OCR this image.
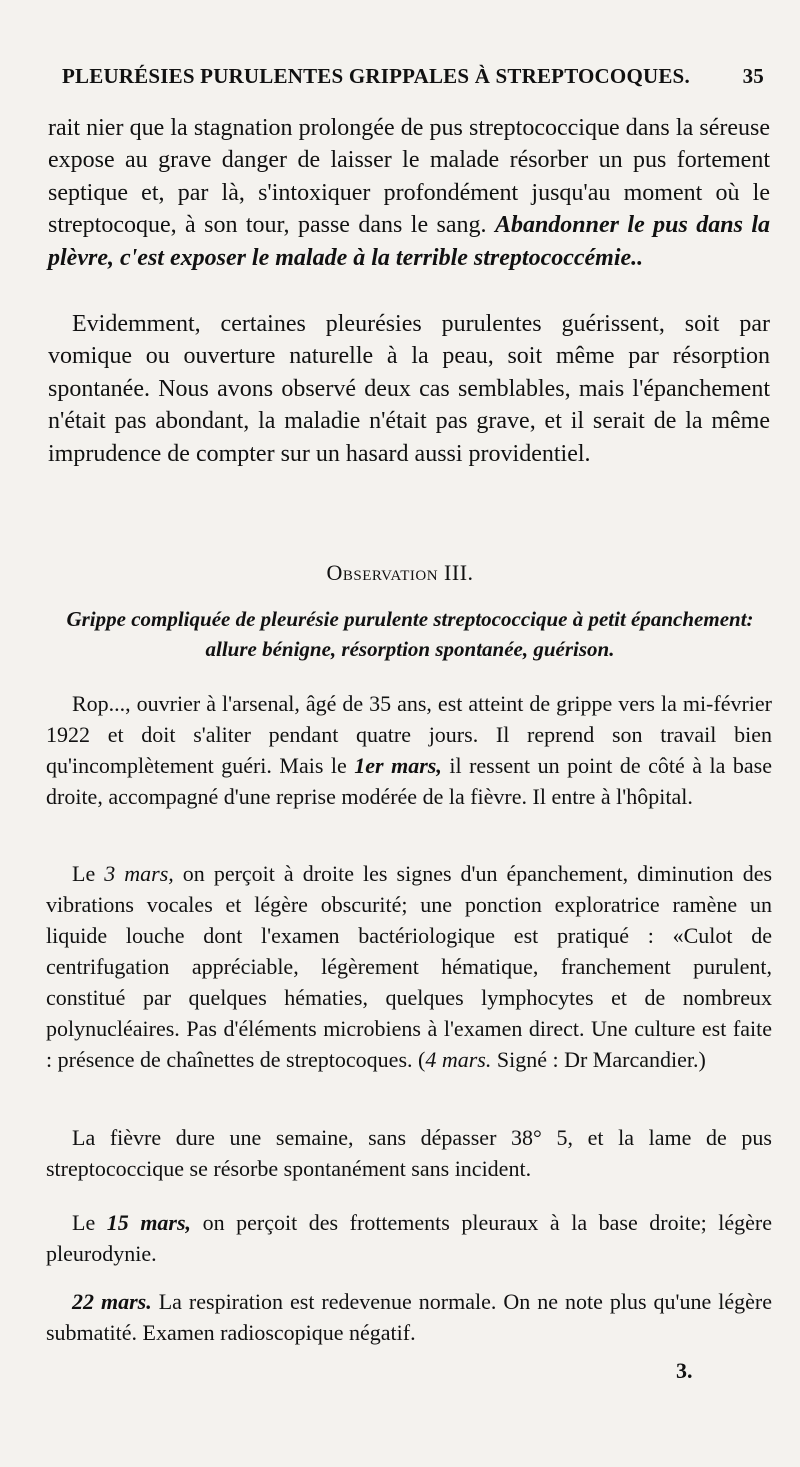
PLEURÉSIES PURULENTES GRIPPALES À STREPTOCOQUES.	35

rait nier que la stagnation prolongée de pus streptococcique dans la séreuse expose au grave danger de laisser le malade résorber un pus fortement septique et, par là, s'intoxiquer profondément jusqu'au moment où le streptocoque, à son tour, passe dans le sang. Abandonner le pus dans la plèvre, c'est exposer le malade à la terrible streptococcémie..

Evidemment, certaines pleurésies purulentes guérissent, soit par vomique ou ouverture naturelle à la peau, soit même par résorption spontanée. Nous avons observé deux cas semblables, mais l'épanchement n'était pas abondant, la maladie n'était pas grave, et il serait de la même imprudence de compter sur un hasard aussi providentiel.

Observation III.
Grippe compliquée de pleurésie purulente streptococcique à petit épanchement: allure bénigne, résorption spontanée, guérison.

Rop..., ouvrier à l'arsenal, âgé de 35 ans, est atteint de grippe vers la mi-février 1922 et doit s'aliter pendant quatre jours. Il reprend son travail bien qu'incomplètement guéri. Mais le 1er mars, il ressent un point de côté à la base droite, accompagné d'une reprise modérée de la fièvre. Il entre à l'hôpital.

Le 3 mars, on perçoit à droite les signes d'un épanchement, diminution des vibrations vocales et légère obscurité; une ponction exploratrice ramène un liquide louche dont l'examen bactériologique est pratiqué : «Culot de centrifugation appréciable, légèrement hématique, franchement purulent, constitué par quelques hématies, quelques lymphocytes et de nombreux polynucléaires. Pas d'éléments microbiens à l'examen direct. Une culture est faite : présence de chaînettes de streptocoques. (4 mars. Signé : Dr Marcandier.)

La fièvre dure une semaine, sans dépasser 38° 5, et la lame de pus streptococcique se résorbe spontanément sans incident.

Le 15 mars, on perçoit des frottements pleuraux à la base droite; légère pleurodynie.

22 mars. La respiration est redevenue normale. On ne note plus qu'une légère submatité. Examen radioscopique négatif.

3.
